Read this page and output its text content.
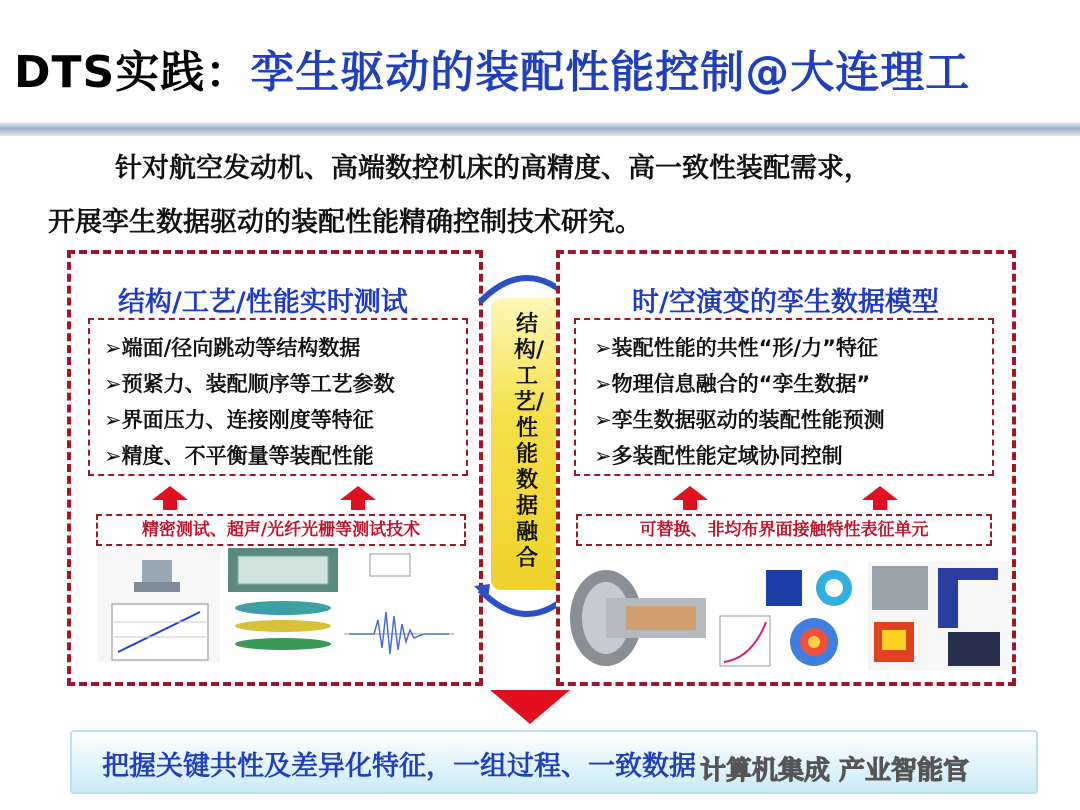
DTS实践：孪生驱动的装配性能控制@大连理工
针对航空发动机、高端数控机床的高精度、高一致性装配需求，
开展孪生数据驱动的装配性能精确控制技术研究。
结构/工艺/性能实时测试
➢端面/径向跳动等结构数据
➢预紧力、装配顺序等工艺参数
➢界面压力、连接刚度等特征
➢精度、不平衡量等装配性能
精密测试、超声/光纤光栅等测试技术
结构/工艺/性能数据融合
时/空演变的孪生数据模型
➢装配性能的共性“形/力”特征
➢物理信息融合的“孪生数据”
➢孪生数据驱动的装配性能预测
➢多装配性能定域协同控制
可替换、非均布界面接触特性表征单元
把握关键共性及差异化特征，一组过程、一致数据 计算机集成 产业智能官
